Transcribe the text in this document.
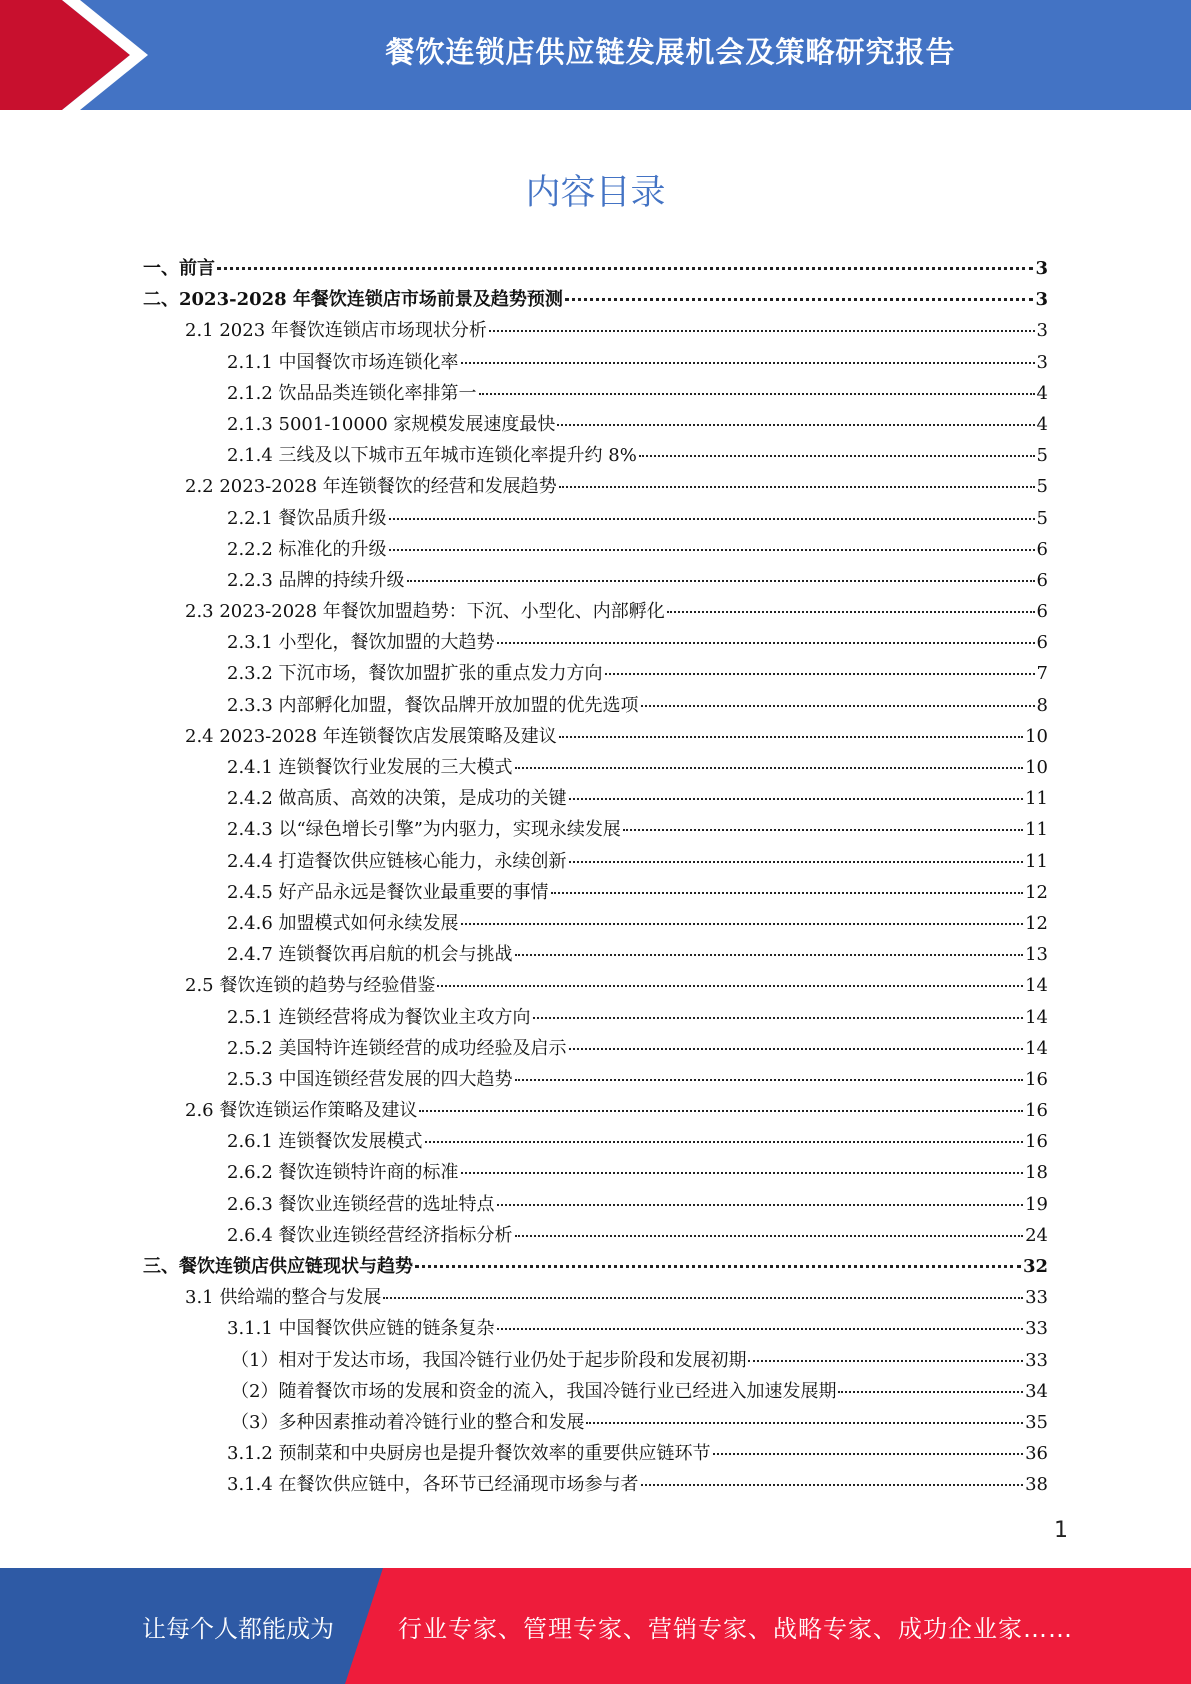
餐饮连锁店供应链发展机会及策略研究报告
内容目录
一、前言	3
二、2023-2028 年餐饮连锁店市场前景及趋势预测	3
2.1 2023 年餐饮连锁店市场现状分析	3
2.1.1 中国餐饮市场连锁化率	3
2.1.2 饮品品类连锁化率排第一	4
2.1.3 5001-10000 家规模发展速度最快	4
2.1.4 三线及以下城市五年城市连锁化率提升约 8%	5
2.2 2023-2028 年连锁餐饮的经营和发展趋势	5
2.2.1 餐饮品质升级	5
2.2.2 标准化的升级	6
2.2.3 品牌的持续升级	6
2.3 2023-2028 年餐饮加盟趋势：下沉、小型化、内部孵化	6
2.3.1 小型化，餐饮加盟的大趋势	6
2.3.2 下沉市场，餐饮加盟扩张的重点发力方向	7
2.3.3 内部孵化加盟，餐饮品牌开放加盟的优先选项	8
2.4 2023-2028 年连锁餐饮店发展策略及建议	10
2.4.1 连锁餐饮行业发展的三大模式	10
2.4.2 做高质、高效的决策，是成功的关键	11
2.4.3 以“绿色增长引擎”为内驱力，实现永续发展	11
2.4.4 打造餐饮供应链核心能力，永续创新	11
2.4.5 好产品永远是餐饮业最重要的事情	12
2.4.6 加盟模式如何永续发展	12
2.4.7 连锁餐饮再启航的机会与挑战	13
2.5 餐饮连锁的趋势与经验借鉴	14
2.5.1 连锁经营将成为餐饮业主攻方向	14
2.5.2 美国特许连锁经营的成功经验及启示	14
2.5.3 中国连锁经营发展的四大趋势	16
2.6 餐饮连锁运作策略及建议	16
2.6.1 连锁餐饮发展模式	16
2.6.2 餐饮连锁特许商的标准	18
2.6.3 餐饮业连锁经营的选址特点	19
2.6.4 餐饮业连锁经营经济指标分析	24
三、餐饮连锁店供应链现状与趋势	32
3.1 供给端的整合与发展	33
3.1.1 中国餐饮供应链的链条复杂	33
（1）相对于发达市场，我国冷链行业仍处于起步阶段和发展初期	33
（2）随着餐饮市场的发展和资金的流入，我国冷链行业已经进入加速发展期	34
（3）多种因素推动着冷链行业的整合和发展	35
3.1.2 预制菜和中央厨房也是提升餐饮效率的重要供应链环节	36
3.1.4 在餐饮供应链中，各环节已经涌现市场参与者	38
1
让每个人都能成为	行业专家、管理专家、营销专家、战略专家、成功企业家……
